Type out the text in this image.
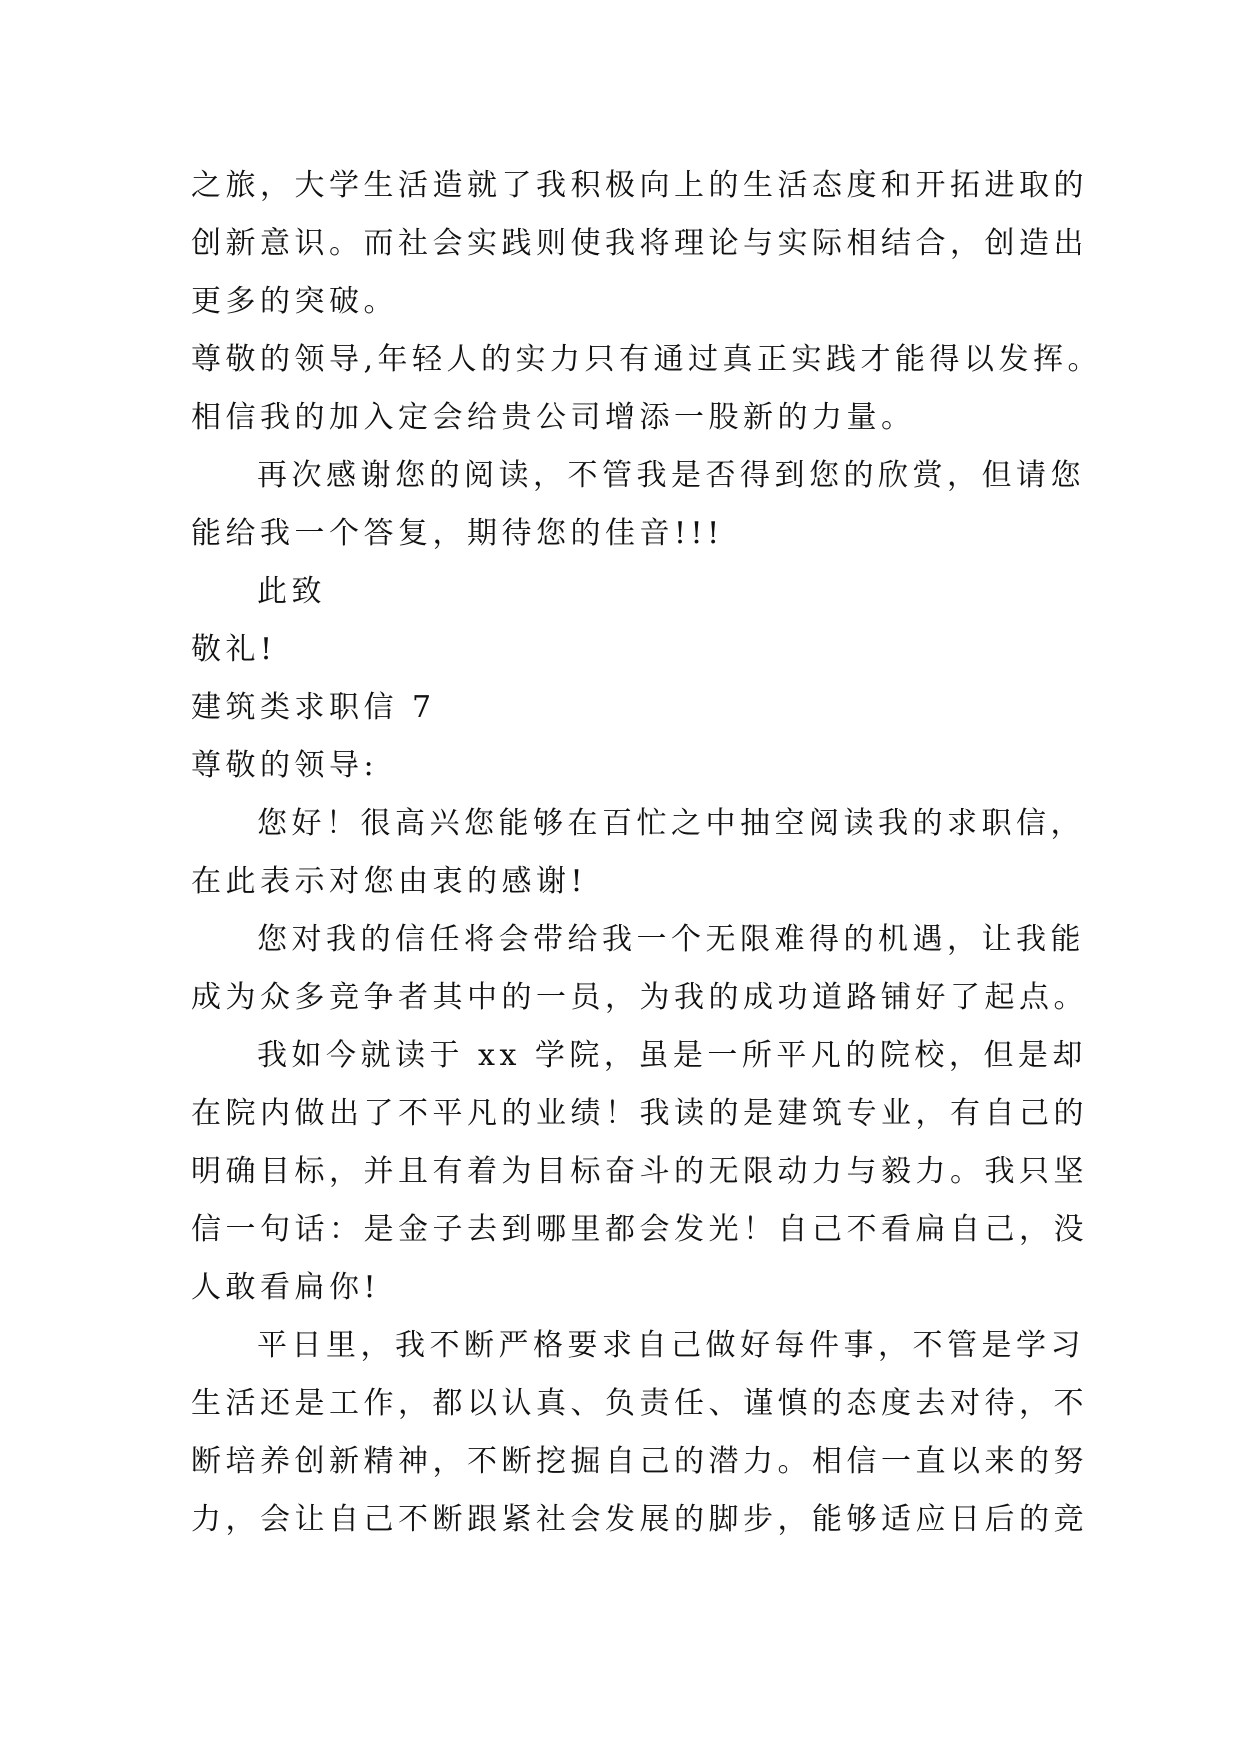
之旅，大学生活造就了我积极向上的生活态度和开拓进取的
创新意识。而社会实践则使我将理论与实际相结合，创造出
更多的突破。
尊敬的领导,年轻人的实力只有通过真正实践才能得以发挥。
相信我的加入定会给贵公司增添一股新的力量。
再次感谢您的阅读，不管我是否得到您的欣赏，但请您
能给我一个答复，期待您的佳音!!!
此致
敬礼!
建筑类求职信 7
尊敬的领导:
您好！很高兴您能够在百忙之中抽空阅读我的求职信，
在此表示对您由衷的感谢!
您对我的信任将会带给我一个无限难得的机遇，让我能
成为众多竞争者其中的一员，为我的成功道路铺好了起点。
我如今就读于 xx 学院，虽是一所平凡的院校，但是却
在院内做出了不平凡的业绩！我读的是建筑专业，有自己的
明确目标，并且有着为目标奋斗的无限动力与毅力。我只坚
信一句话：是金子去到哪里都会发光！自己不看扁自己，没
人敢看扁你!
平日里，我不断严格要求自己做好每件事，不管是学习
生活还是工作，都以认真、负责任、谨慎的态度去对待，不
断培养创新精神，不断挖掘自己的潜力。相信一直以来的努
力，会让自己不断跟紧社会发展的脚步，能够适应日后的竞
